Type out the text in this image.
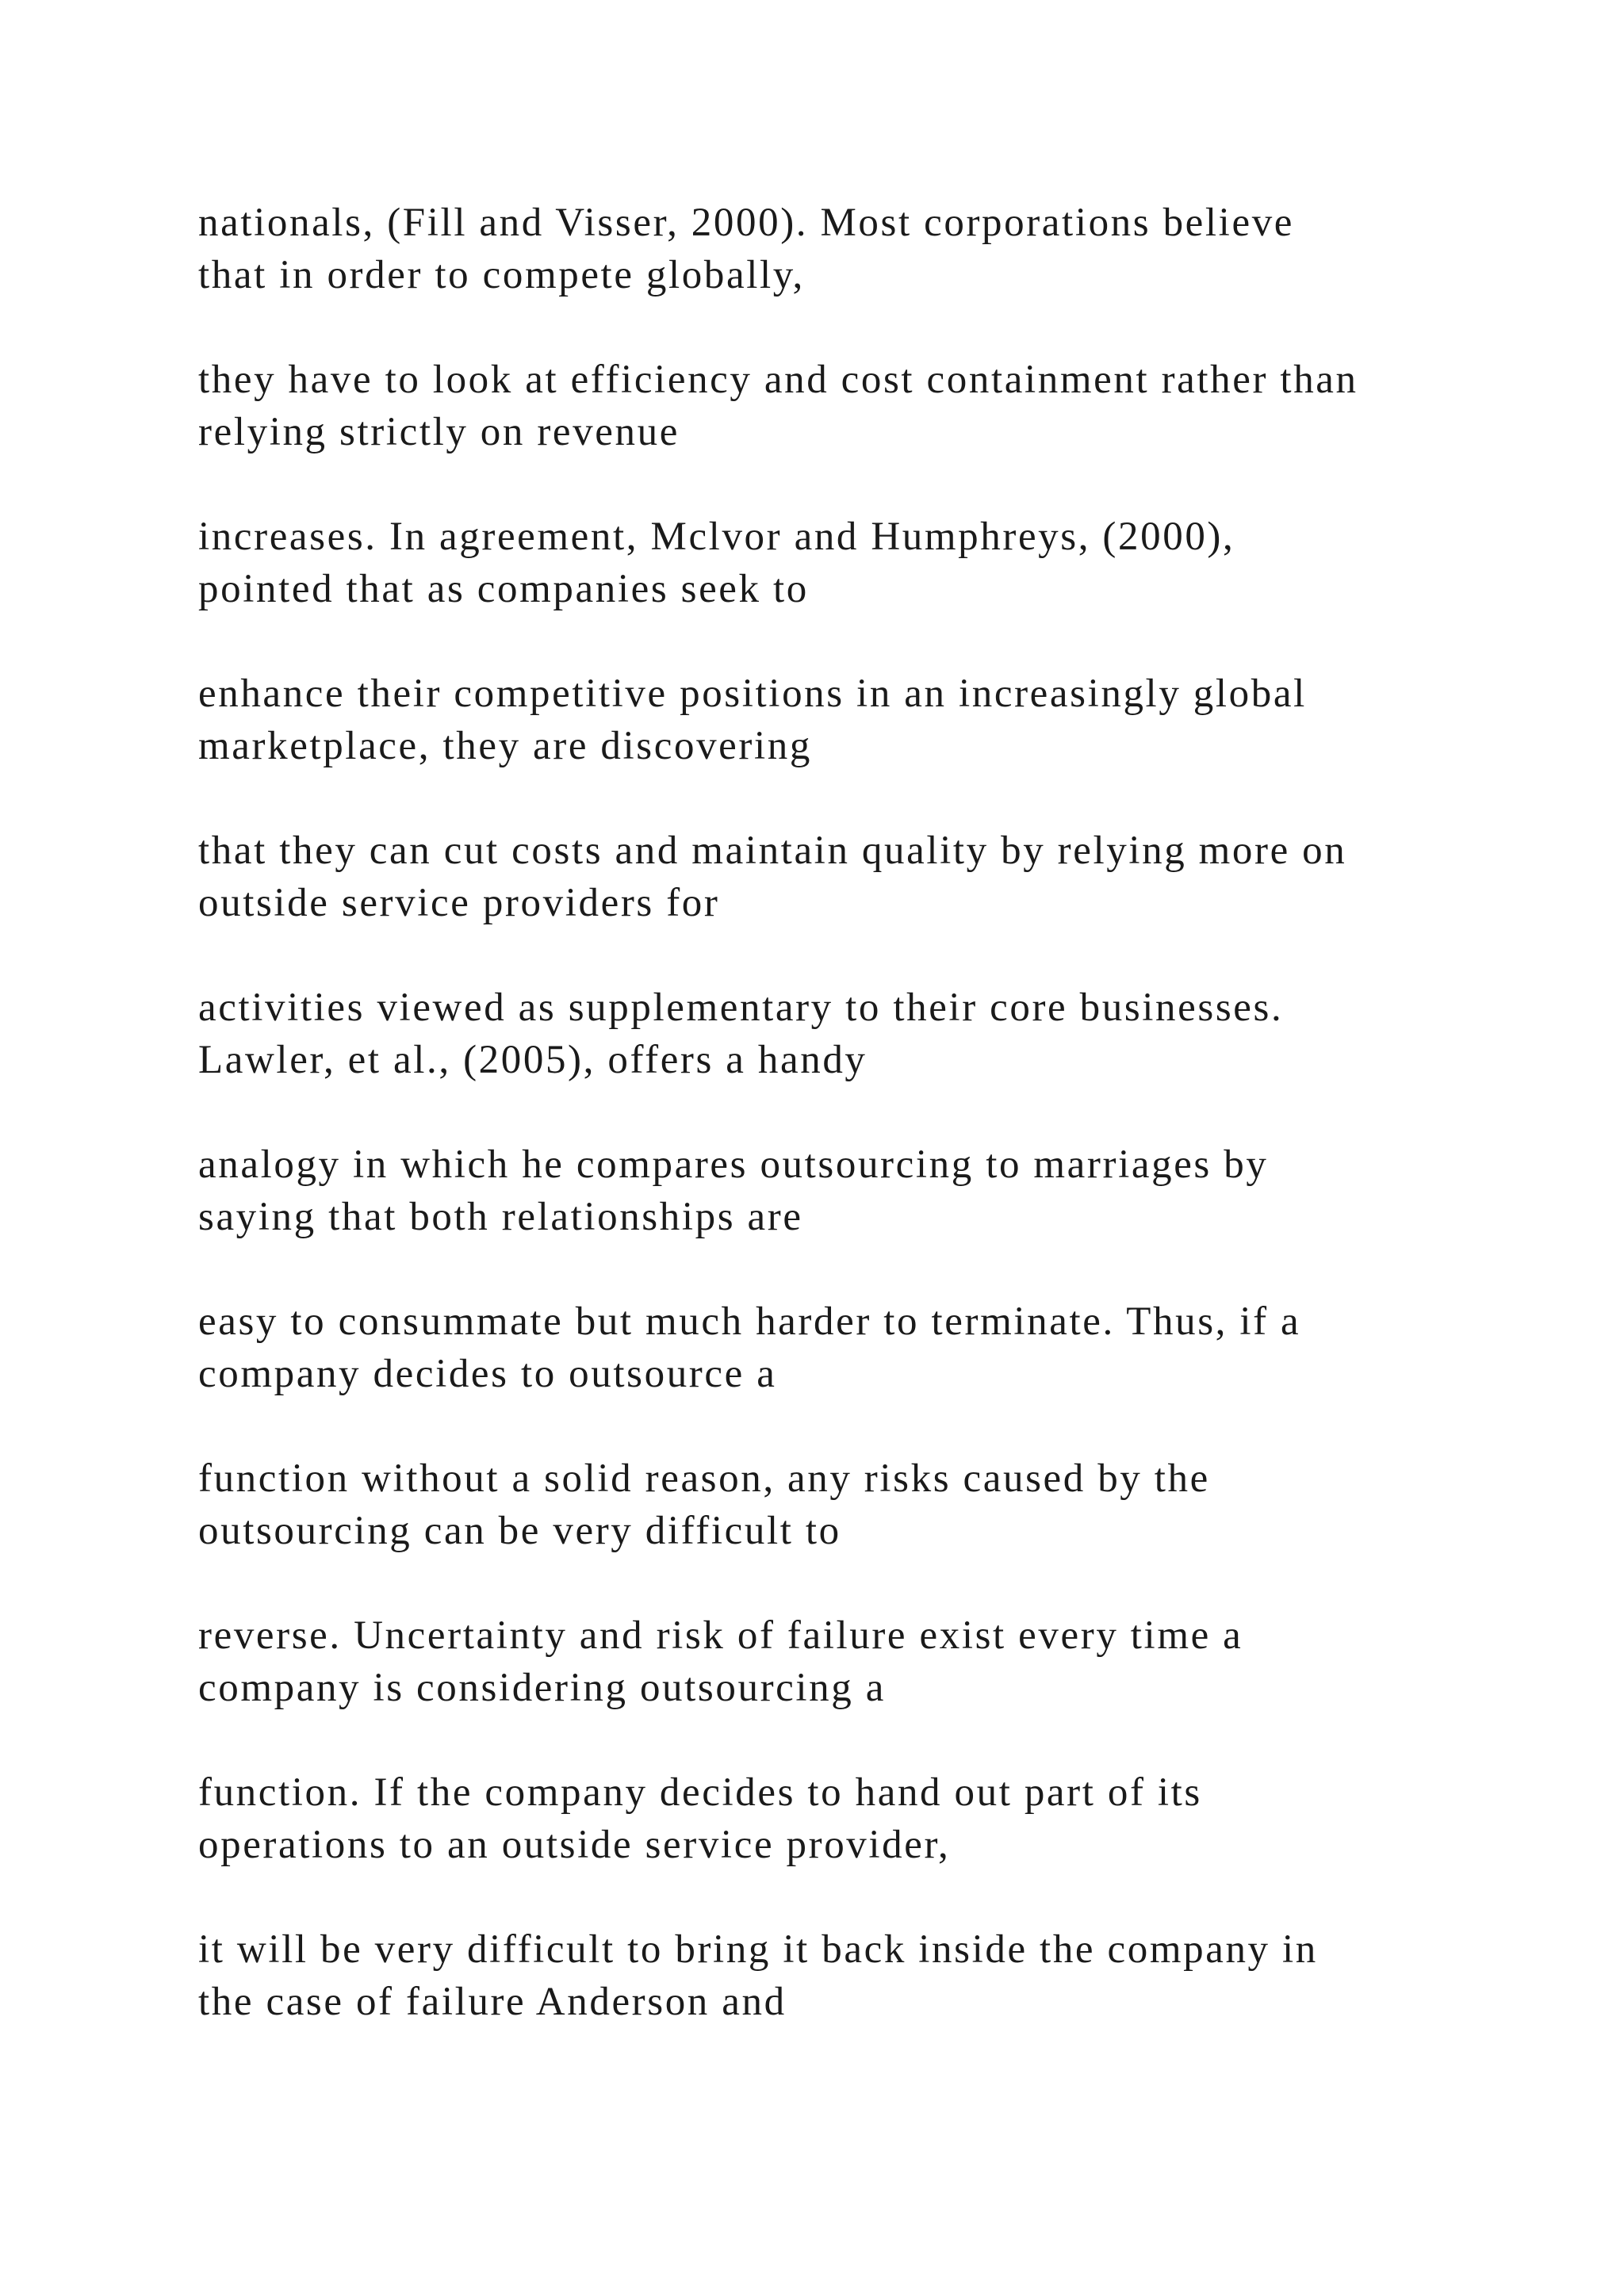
nationals, (Fill and Visser, 2000). Most corporations believe
that in order to compete globally,

they have to look at efficiency and cost containment rather than
relying strictly on revenue

increases. In agreement, Mclvor and Humphreys, (2000),
pointed that as companies seek to

enhance their competitive positions in an increasingly global
marketplace, they are discovering

that they can cut costs and maintain quality by relying more on
outside service providers for

activities viewed as supplementary to their core businesses.
Lawler, et al., (2005), offers a handy

analogy in which he compares outsourcing to marriages by
saying that both relationships are

easy to consummate but much harder to terminate. Thus, if a
company decides to outsource a

function without a solid reason, any risks caused by the
outsourcing can be very difficult to

reverse. Uncertainty and risk of failure exist every time a
company is considering outsourcing a

function. If the company decides to hand out part of its
operations to an outside service provider,

it will be very difficult to bring it back inside the company in
the case of failure Anderson and
